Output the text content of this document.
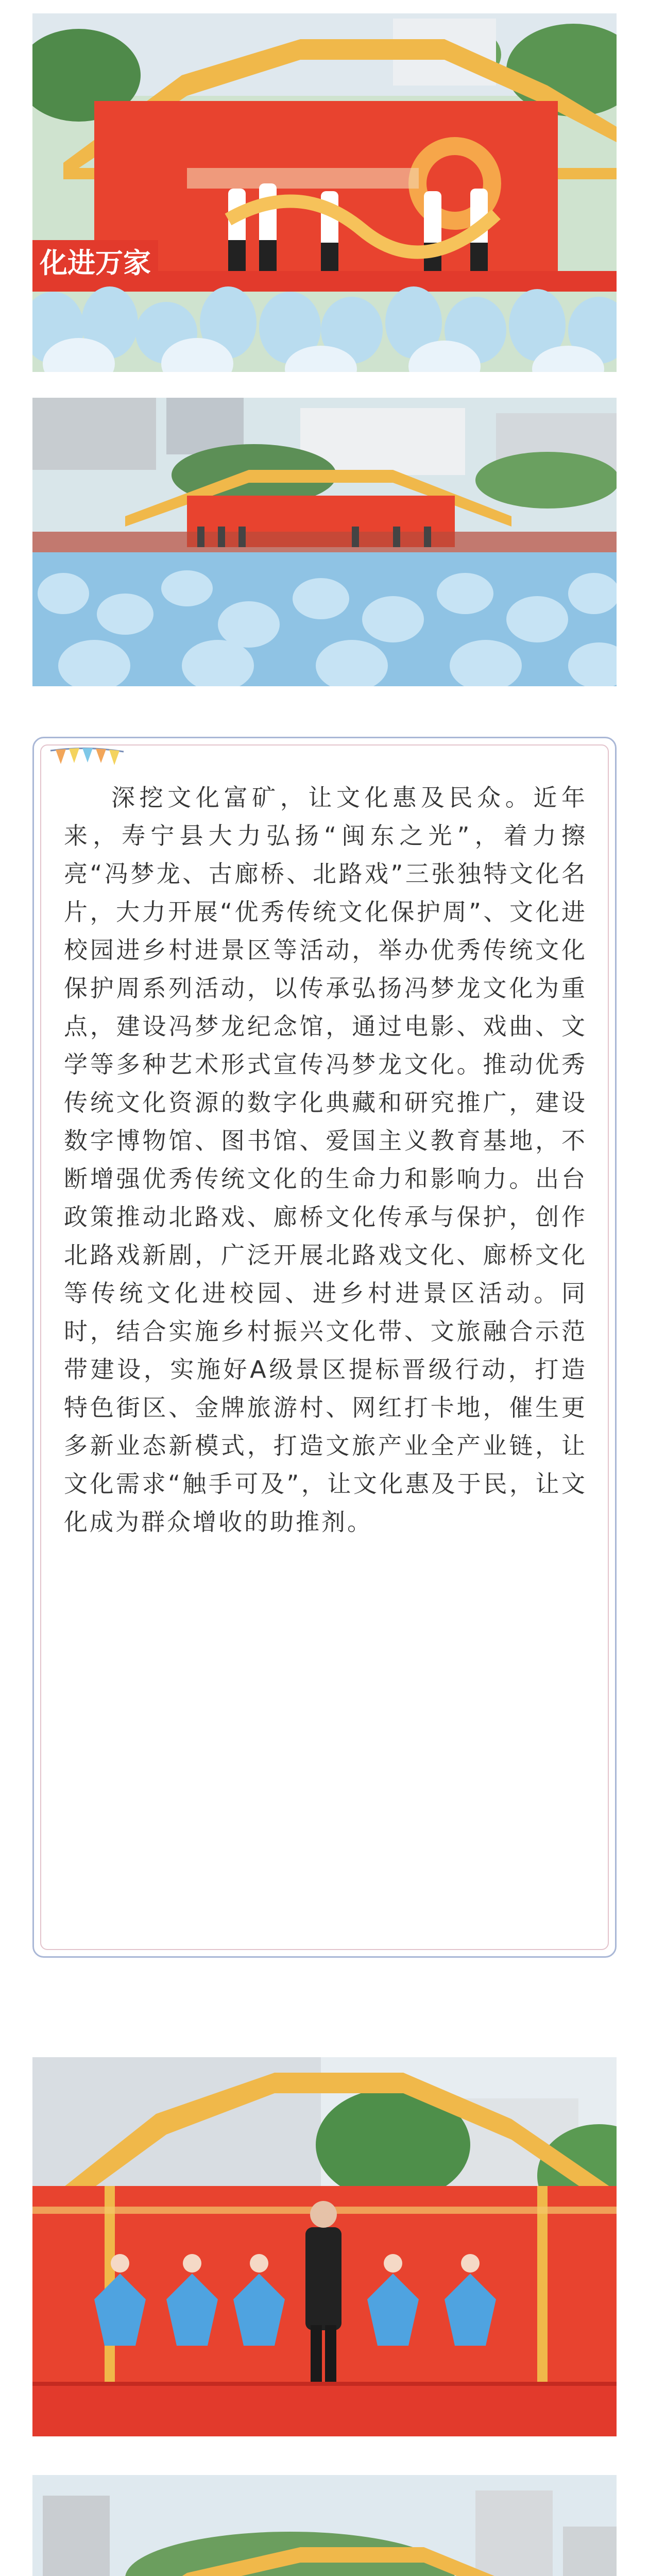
化进万家

深挖文化富矿，让文化惠及民众。近年来，寿宁县大力弘扬“闽东之光”，着力擦亮“冯梦龙、古廊桥、北路戏”三张独特文化名片，大力开展“优秀传统文化保护周”、文化进校园进乡村进景区等活动，举办优秀传统文化保护周系列活动，以传承弘扬冯梦龙文化为重点，建设冯梦龙纪念馆，通过电影、戏曲、文学等多种艺术形式宣传冯梦龙文化。推动优秀传统文化资源的数字化典藏和研究推广，建设数字博物馆、图书馆、爱国主义教育基地，不断增强优秀传统文化的生命力和影响力。出台政策推动北路戏、廊桥文化传承与保护，创作北路戏新剧，广泛开展北路戏文化、廊桥文化等传统文化进校园、进乡村进景区活动。同时，结合实施乡村振兴文化带、文旅融合示范带建设，实施好A级景区提标晋级行动，打造特色街区、金牌旅游村、网红打卡地，催生更多新业态新模式，打造文旅产业全产业链，让文化需求“触手可及”，让文化惠及于民，让文化成为群众增收的助推剂。
